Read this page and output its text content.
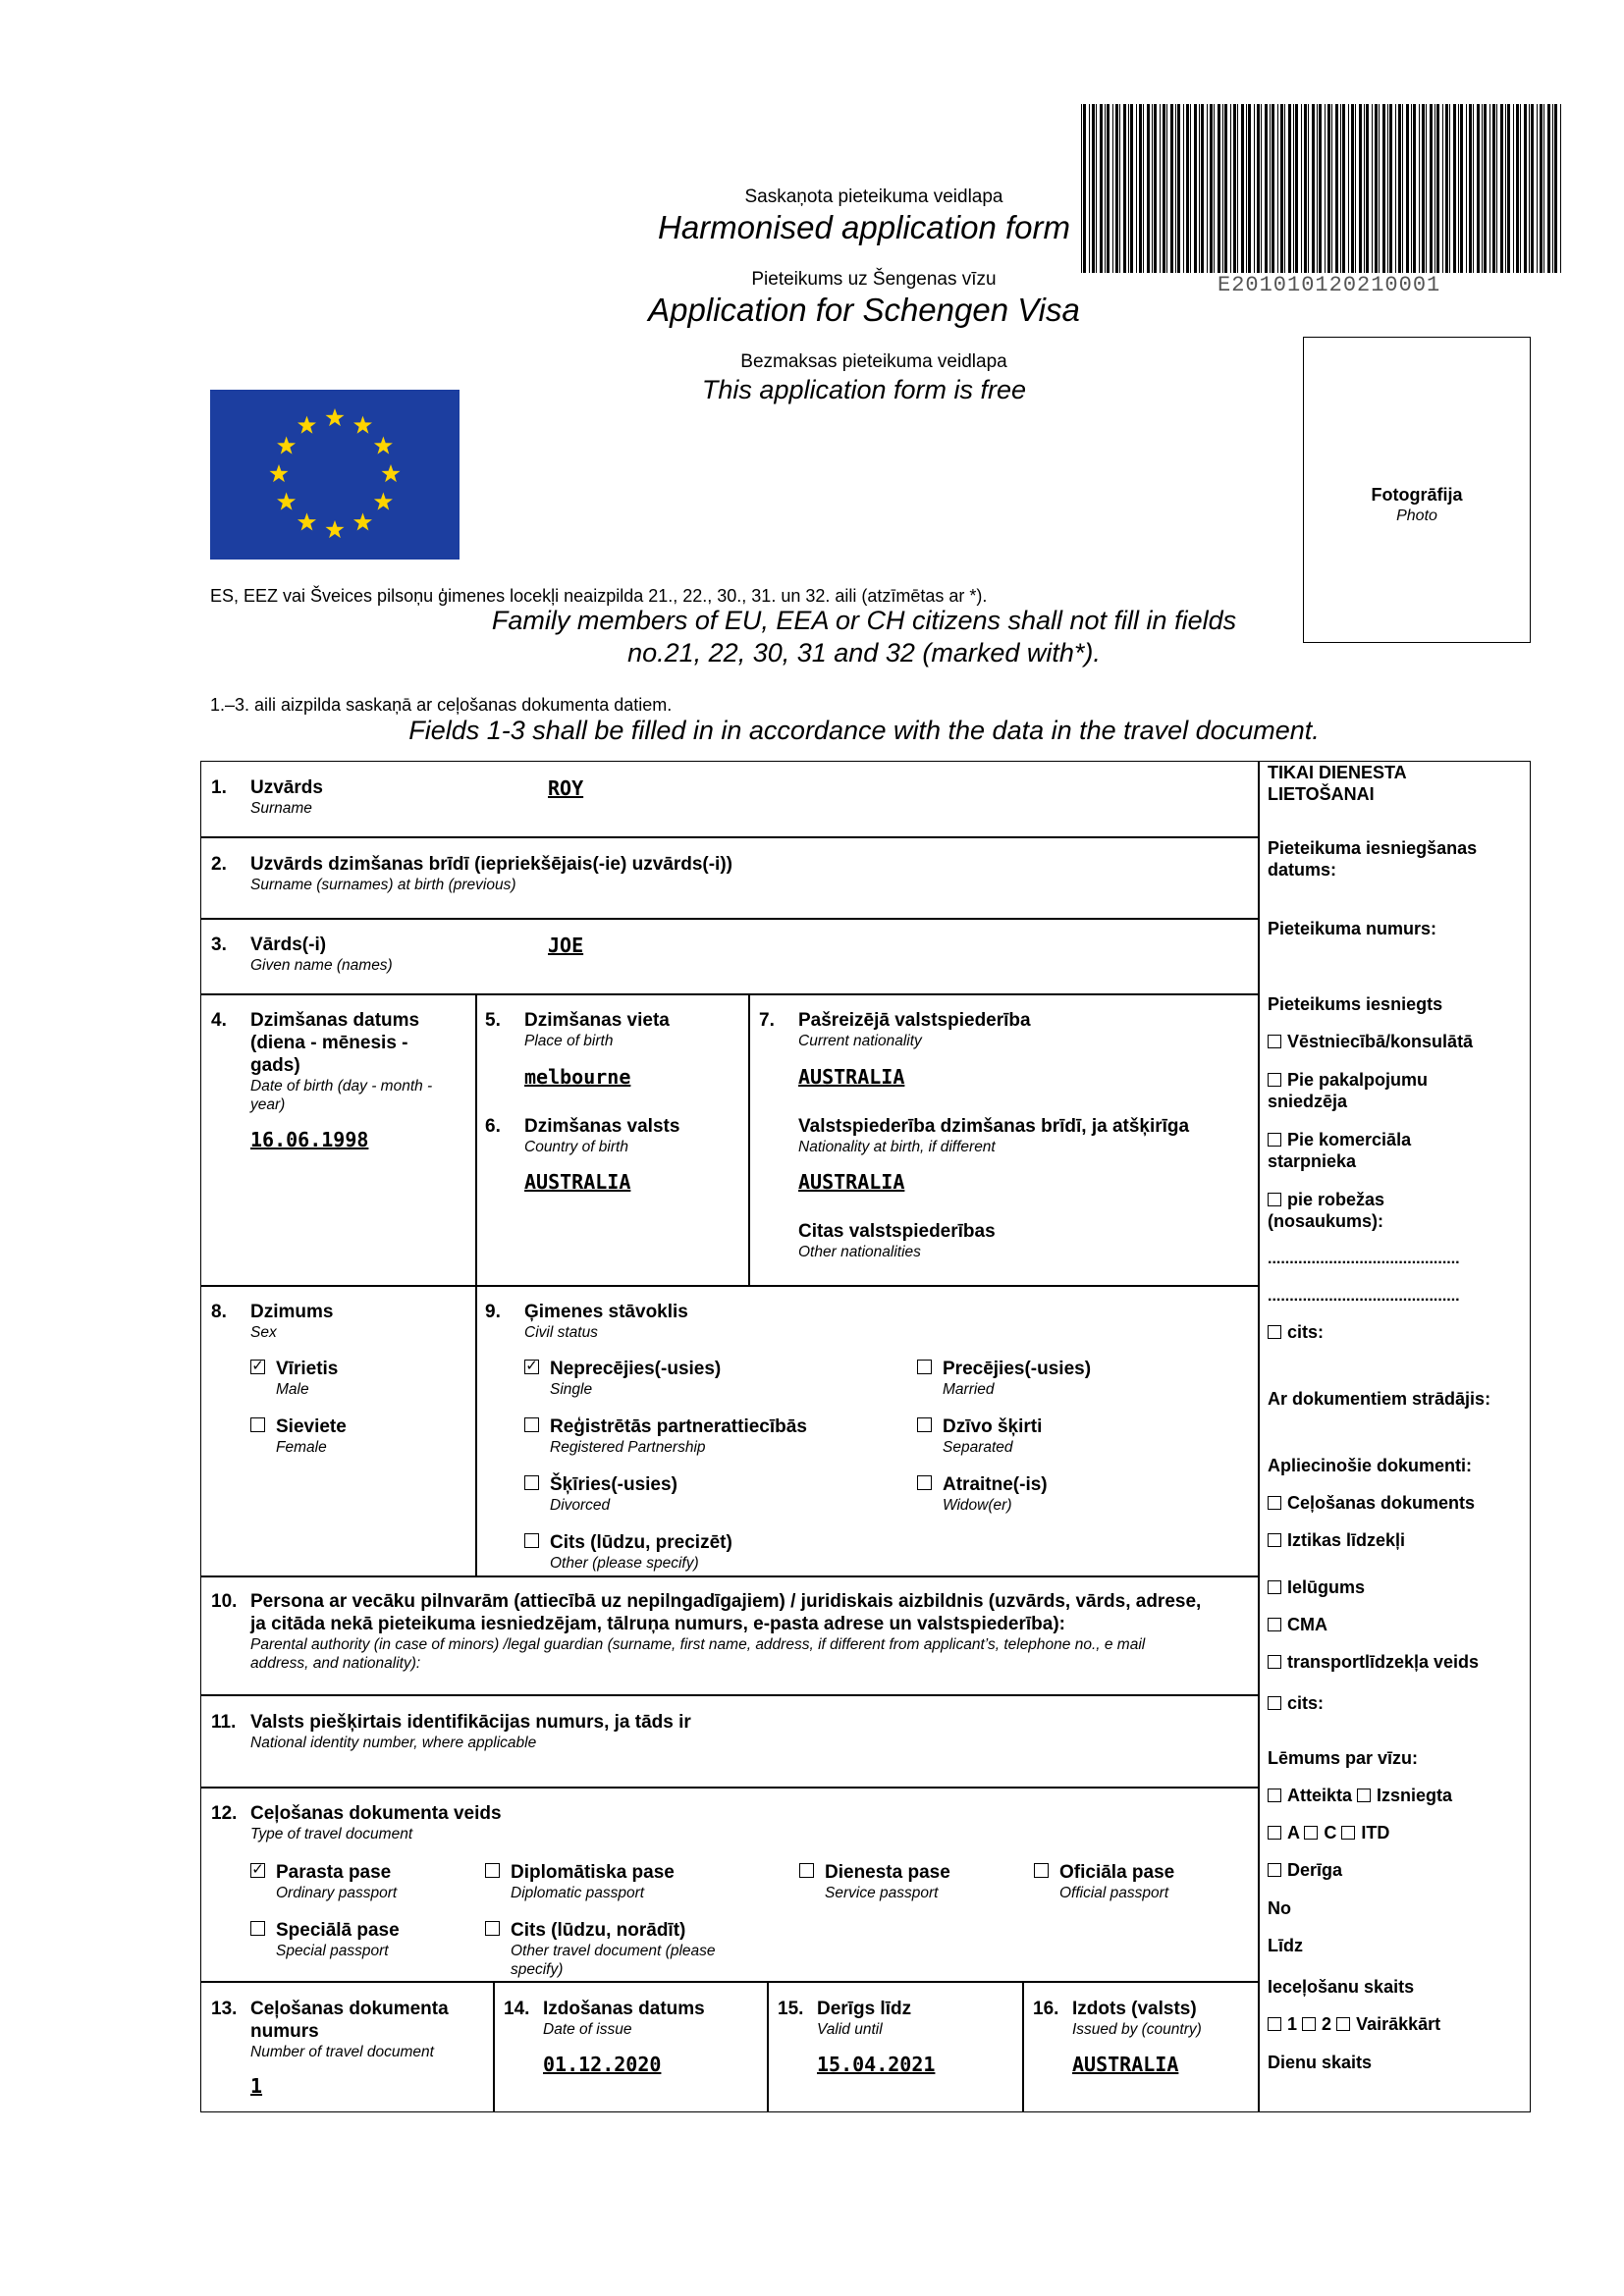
Saskaņota pieteikuma veidlapa
Harmonised application form
Pieteikums uz Šengenas vīzu
Application for Schengen Visa
Bezmaksas pieteikuma veidlapa
This application form is free
E201010120210001
Fotogrāfija
Photo
ES, EEZ vai Šveices pilsoņu ģimenes locekļi neaizpilda 21., 22., 30., 31. un 32. aili (atzīmētas ar *).
Family members of EU, EEA or CH citizens shall not fill in fields
no.21, 22, 30, 31 and 32 (marked with*).
1.–3. aili aizpilda saskaņā ar ceļošanas dokumenta datiem.
Fields 1-3 shall be filled in in accordance with the data in the travel document.
1. Uzvārds
Surname
ROY
2. Uzvārds dzimšanas brīdī (iepriekšējais(-ie) uzvārds(-i))
Surname (surnames) at birth (previous)
3. Vārds(-i)
Given name (names)
JOE
4. Dzimšanas datums
(diena - mēnesis -
gads)
Date of birth (day - month -
year)
16.06.1998
5. Dzimšanas vieta
Place of birth
melbourne
6. Dzimšanas valsts
Country of birth
AUSTRALIA
7. Pašreizējā valstspiederība
Current nationality
AUSTRALIA
Valstspiederība dzimšanas brīdī, ja atšķirīga
Nationality at birth, if different
AUSTRALIA
Citas valstspiederības
Other nationalities
8. Dzimums
Sex
✓ Vīrietis
Male
Sieviete
Female
9. Ģimenes stāvoklis
Civil status
✓ Neprecējies(-usies)
Single
Precējies(-usies)
Married
Reģistrētās partnerattiecībās
Registered Partnership
Dzīvo šķirti
Separated
Šķīries(-usies)
Divorced
Atraitne(-is)
Widow(er)
Cits (lūdzu, precizēt)
Other (please specify)
10. Persona ar vecāku pilnvarām (attiecībā uz nepilngadīgajiem) / juridiskais aizbildnis (uzvārds, vārds, adrese,
ja citāda nekā pieteikuma iesniedzējam, tālruņa numurs, e-pasta adrese un valstspiederība):
Parental authority (in case of minors) /legal guardian (surname, first name, address, if different from applicant’s, telephone no., e mail
address, and nationality):
11. Valsts piešķirtais identifikācijas numurs, ja tāds ir
National identity number, where applicable
12. Ceļošanas dokumenta veids
Type of travel document
✓ Parasta pase
Ordinary passport
Diplomātiska pase
Diplomatic passport
Dienesta pase
Service passport
Oficiāla pase
Official passport
Speciālā pase
Special passport
Cits (lūdzu, norādīt)
Other travel document (please
specify)
13. Ceļošanas dokumenta
numurs
Number of travel document
1
14. Izdošanas datums
Date of issue
01.12.2020
15. Derīgs līdz
Valid until
15.04.2021
16. Izdots (valsts)
Issued by (country)
AUSTRALIA
TIKAI DIENESTA
LIETOŠANAI
Pieteikuma iesniegšanas
datums:
Pieteikuma numurs:
Pieteikums iesniegts
Vēstniecībā/konsulātā
Pie pakalpojumu
sniedzēja
Pie komerciāla
starpnieka
pie robežas
(nosaukums):
............................................
............................................
cits:
Ar dokumentiem strādājis:
Apliecinošie dokumenti:
Ceļošanas dokuments
Iztikas līdzekļi
Ielūgums
CMA
transportlīdzekļa veids
cits:
Lēmums par vīzu:
Atteikta Izsniegta
A C ITD
Derīga
No
Līdz
Ieceļošanu skaits
1 2 Vairākkārt
Dienu skaits
